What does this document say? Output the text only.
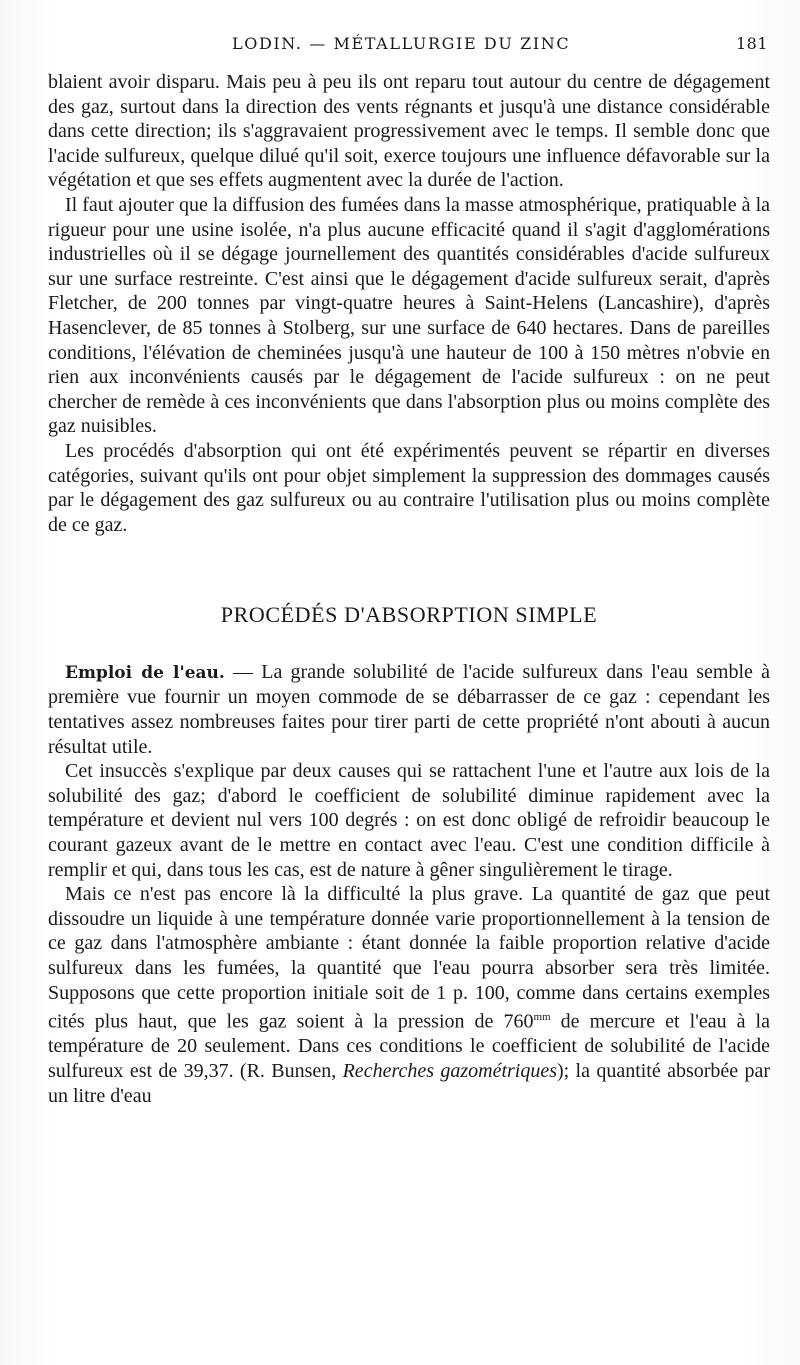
LODIN. — MÉTALLURGIE DU ZINC	181

blaient avoir disparu. Mais peu à peu ils ont reparu tout autour du centre de dégagement des gaz, surtout dans la direction des vents régnants et jusqu'à une distance considérable dans cette direction; ils s'aggravaient progressivement avec le temps. Il semble donc que l'acide sulfureux, quelque dilué qu'il soit, exerce toujours une influence défavorable sur la végétation et que ses effets augmentent avec la durée de l'action.

Il faut ajouter que la diffusion des fumées dans la masse atmosphérique, pratiquable à la rigueur pour une usine isolée, n'a plus aucune efficacité quand il s'agit d'agglomérations industrielles où il se dégage journellement des quantités considérables d'acide sulfureux sur une surface restreinte. C'est ainsi que le dégagement d'acide sulfureux serait, d'après Fletcher, de 200 tonnes par vingt-quatre heures à Saint-Helens (Lancashire), d'après Hasenclever, de 85 tonnes à Stolberg, sur une surface de 640 hectares. Dans de pareilles conditions, l'élévation de cheminées jusqu'à une hauteur de 100 à 150 mètres n'obvie en rien aux inconvénients causés par le dégagement de l'acide sulfureux : on ne peut chercher de remède à ces inconvénients que dans l'absorption plus ou moins complète des gaz nuisibles.

Les procédés d'absorption qui ont été expérimentés peuvent se répartir en diverses catégories, suivant qu'ils ont pour objet simplement la suppression des dommages causés par le dégagement des gaz sulfureux ou au contraire l'utilisation plus ou moins complète de ce gaz.

PROCÉDÉS D'ABSORPTION SIMPLE

Emploi de l'eau. — La grande solubilité de l'acide sulfureux dans l'eau semble à première vue fournir un moyen commode de se débarrasser de ce gaz : cependant les tentatives assez nombreuses faites pour tirer parti de cette propriété n'ont abouti à aucun résultat utile.

Cet insuccès s'explique par deux causes qui se rattachent l'une et l'autre aux lois de la solubilité des gaz; d'abord le coefficient de solubilité diminue rapidement avec la température et devient nul vers 100 degrés : on est donc obligé de refroidir beaucoup le courant gazeux avant de le mettre en contact avec l'eau. C'est une condition difficile à remplir et qui, dans tous les cas, est de nature à gêner singulièrement le tirage.

Mais ce n'est pas encore là la difficulté la plus grave. La quantité de gaz que peut dissoudre un liquide à une température donnée varie proportionnellement à la tension de ce gaz dans l'atmosphère ambiante : étant donnée la faible proportion relative d'acide sulfureux dans les fumées, la quantité que l'eau pourra absorber sera très limitée. Supposons que cette proportion initiale soit de 1 p. 100, comme dans certains exemples cités plus haut, que les gaz soient à la pression de $760^{mm}$ de mercure et l'eau à la température de 20 seulement. Dans ces conditions le coefficient de solubilité de l'acide sulfureux est de 39,37. (R. Bunsen, Recherches gazométriques); la quantité absorbée par un litre d'eau
